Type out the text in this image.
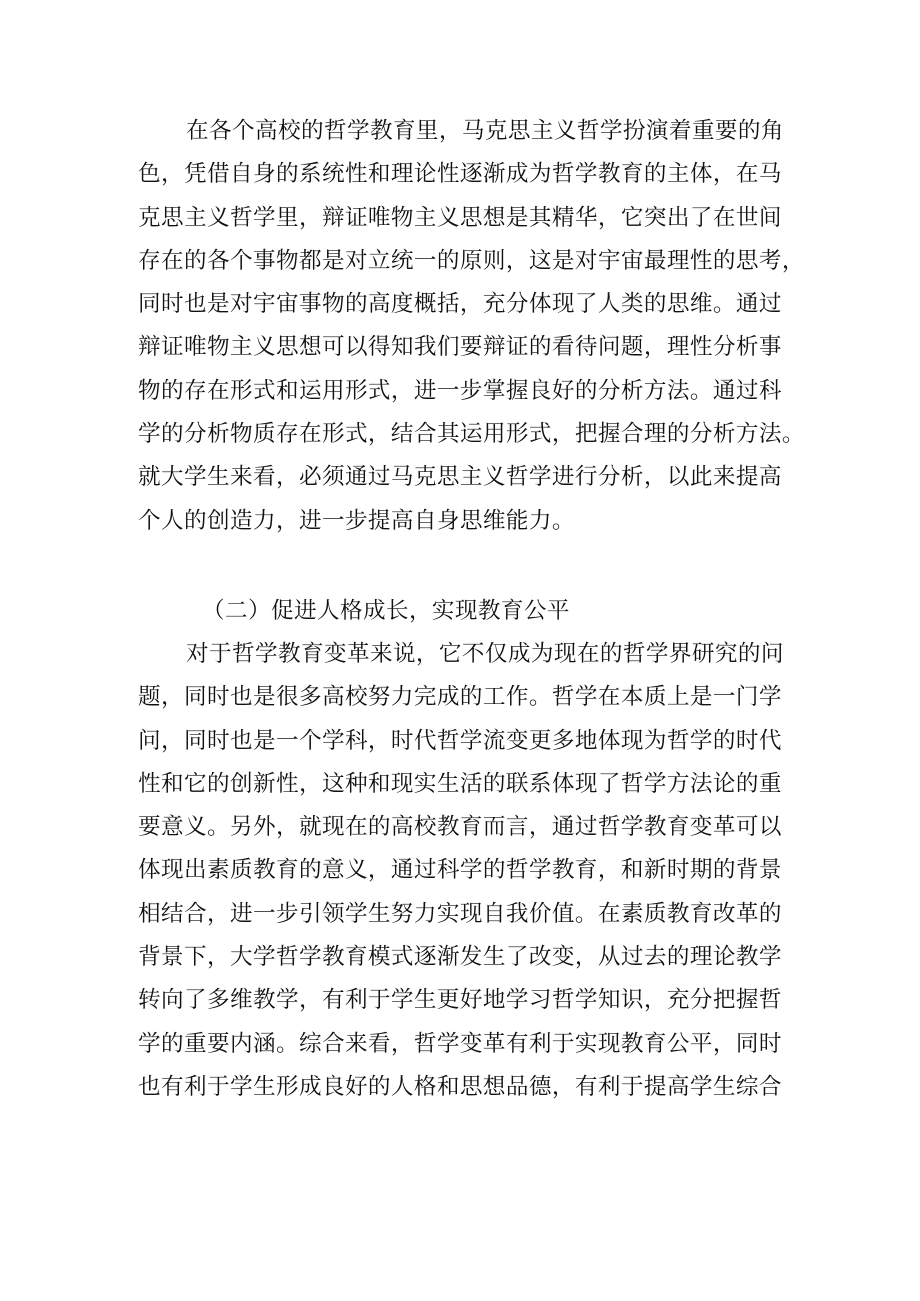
在各个高校的哲学教育里，马克思主义哲学扮演着重要的角
色，凭借自身的系统性和理论性逐渐成为哲学教育的主体，在马
克思主义哲学里，辩证唯物主义思想是其精华，它突出了在世间
存在的各个事物都是对立统一的原则，这是对宇宙最理性的思考，
同时也是对宇宙事物的高度概括，充分体现了人类的思维。通过
辩证唯物主义思想可以得知我们要辩证的看待问题，理性分析事
物的存在形式和运用形式，进一步掌握良好的分析方法。通过科
学的分析物质存在形式，结合其运用形式，把握合理的分析方法。
就大学生来看，必须通过马克思主义哲学进行分析，以此来提高
个人的创造力，进一步提高自身思维能力。
（二）促进人格成长，实现教育公平
对于哲学教育变革来说，它不仅成为现在的哲学界研究的问
题，同时也是很多高校努力完成的工作。哲学在本质上是一门学
问，同时也是一个学科，时代哲学流变更多地体现为哲学的时代
性和它的创新性，这种和现实生活的联系体现了哲学方法论的重
要意义。另外，就现在的高校教育而言，通过哲学教育变革可以
体现出素质教育的意义，通过科学的哲学教育，和新时期的背景
相结合，进一步引领学生努力实现自我价值。在素质教育改革的
背景下，大学哲学教育模式逐渐发生了改变，从过去的理论教学
转向了多维教学，有利于学生更好地学习哲学知识，充分把握哲
学的重要内涵。综合来看，哲学变革有利于实现教育公平，同时
也有利于学生形成良好的人格和思想品德，有利于提高学生综合
